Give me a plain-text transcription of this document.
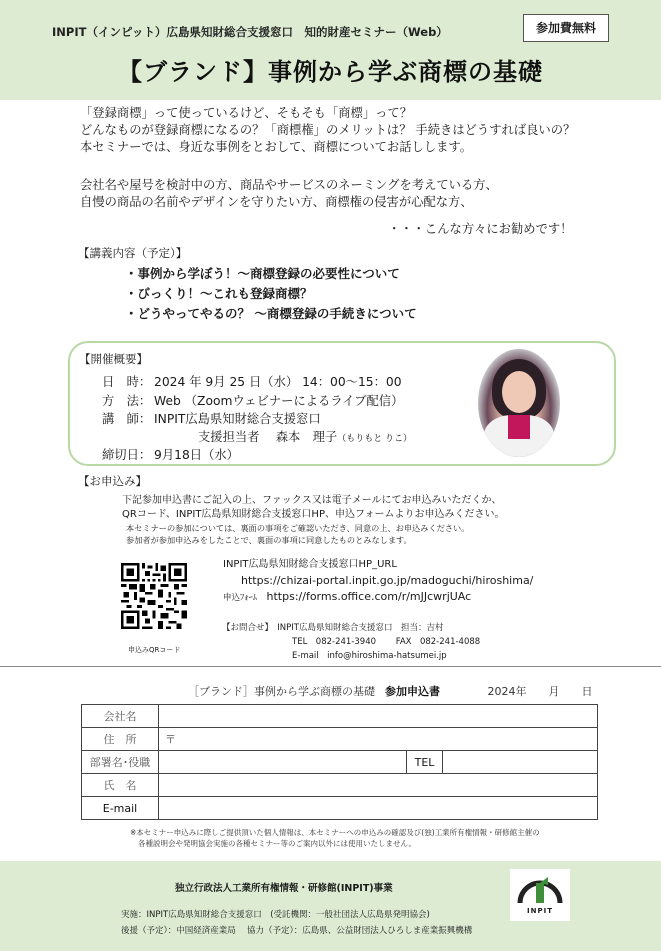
INPIT（インピット）広島県知財総合支援窓口　知的財産セミナー（Web）	参加費無料
【ブランド】事例から学ぶ商標の基礎
「登録商標」って使っているけど、そもそも「商標」って？
どんなものが登録商標になるの？「商標権」のメリットは？ 手続きはどうすれば良いの？
本セミナーでは、身近な事例をとおして、商標についてお話しします。
会社名や屋号を検討中の方、商品やサービスのネーミングを考えている方、
自慢の商品の名前やデザインを守りたい方、商標権の侵害が心配な方、
・・・こんな方々にお勧めです！
【講義内容（予定）】
・事例から学ぼう！～商標登録の必要性について
・びっくり！～これも登録商標？
・どうやってやるの？ ～商標登録の手続きについて
【開催概要】
日　時： 2024 年 9月 25 日（水） 14：00～15：00
方　法： Web （Zoomウェビナーによるライブ配信）
講　師： INPIT広島県知財総合支援窓口
支援担当者　 森本　理子（もりもと りこ）
締切日： 9月18日（水）
【お申込み】
下記参加申込書にご記入の上、ファックス又は電子メールにてお申込みいただくか、
QRコード、INPIT広島県知財総合支援窓口HP、申込フォームよりお申込みください。
本セミナーの参加については、裏面の事項をご確認いただき、同意の上、お申込みください。
参加者が参加申込みをしたことで、裏面の事項に同意したものとみなします。
申込みQRコード
INPIT広島県知財総合支援窓口HP_URL
https://chizai-portal.inpit.go.jp/madoguchi/hiroshima/
申込ﾌｫｰﾑ https://forms.office.com/r/mJJcwrjUAc
【お問合せ】　INPIT広島県知財総合支援窓口　担当：吉村
TEL　082-241-3940　　 FAX　082-241-4088
E-mail　info@hiroshima-hatsumei.jp
［ブランド］事例から学ぶ商標の基礎 参加申込書	2024年 月 日
会社名			
住　所	〒		
部署名･役職		TEL	
氏　名			
E-mail			
※本セミナー申込みに際しご提供頂いた個人情報は、本セミナーへの申込みの確認及び(独)工業所有権情報・研修館主催の
各種説明会や発明協会実施の各種セミナー等のご案内以外には使用いたしません。
独立行政法人工業所有権情報・研修館(INPIT)事業
実施：INPIT広島県知財総合支援窓口　(受託機関：一般社団法人広島県発明協会)
後援（予定）：中国経済産業局　 協力（予定）：広島県、公益財団法人ひろしま産業振興機構
INPIT
